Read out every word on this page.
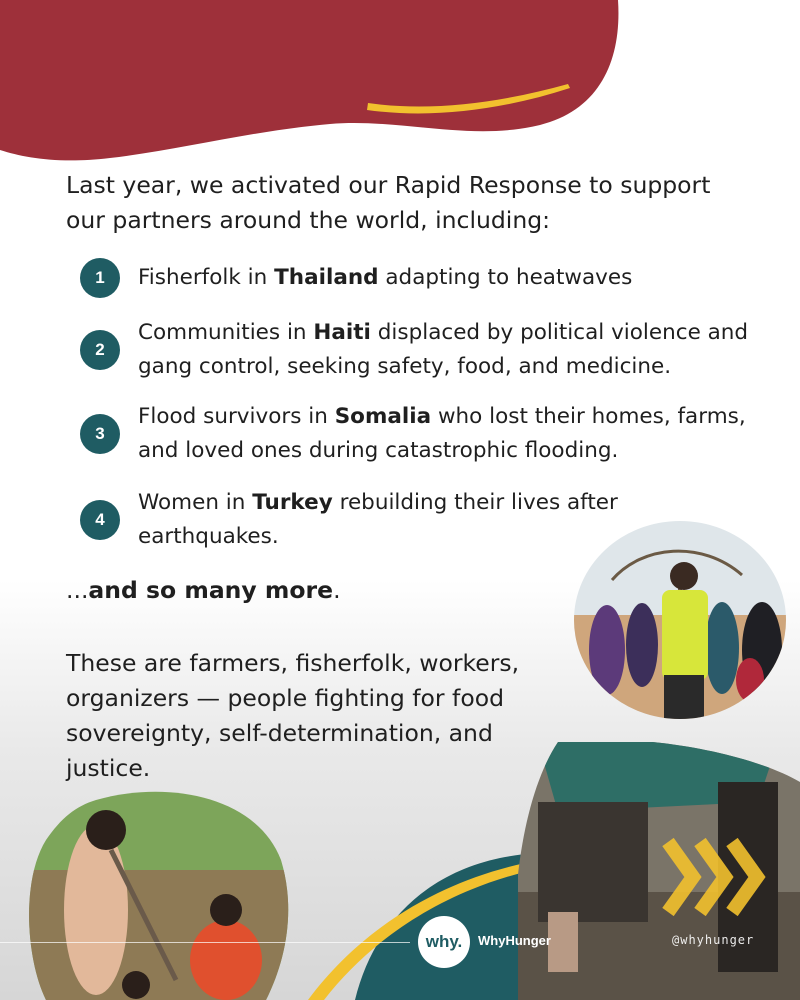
Last year, we activated our Rapid Response to support our partners around the world, including:
1	Fisherfolk in Thailand adapting to heatwaves
2
Communities in Haiti displaced by political violence and gang control, seeking safety, food, and medicine.
3
Flood survivors in Somalia who lost their homes, farms, and loved ones during catastrophic flooding.
4
Women in Turkey rebuilding their lives after earthquakes.

...and so many more.

These are farmers, fisherfolk, workers, organizers — people fighting for food sovereignty, self-determination, and justice.

why.	WhyHunger	@whyhunger
